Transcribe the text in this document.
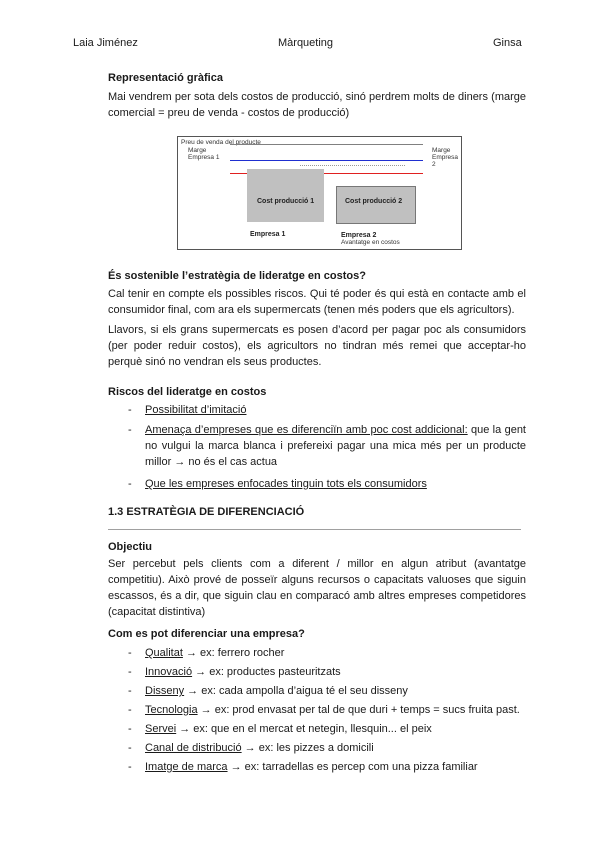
Laia Jiménez	Màrqueting	Ginsa
Representació gràfica
Mai vendrem per sota dels costos de producció, sinó perdrem molts de diners (marge comercial = preu de venda - costos de producció)
Preu de venda del producte
Marge
Empresa 1
Marge
Empresa
2
Cost producció 1	Cost producció 2
Empresa 1	Empresa 2
Avantatge en costos
És sostenible l’estratègia de lideratge en costos?
Cal tenir en compte els possibles riscos. Qui té poder és qui està en contacte amb el consumidor final, com ara els supermercats (tenen més poders que els agricultors).
Llavors, si els grans supermercats es posen d’acord per pagar poc als consumidors (per poder reduir costos), els agricultors no tindran més remei que acceptar-ho perquè sinó no vendran els seus productes.
Riscos del lideratge en costos
- Possibilitat d’imitació
- Amenaça d’empreses que es diferenciïn amb poc cost addicional: que la gent no vulgui la marca blanca i prefereixi pagar una mica més per un producte millor → no és el cas actua
- Que les empreses enfocades tinguin tots els consumidors
1.3 ESTRATÈGIA DE DIFERENCIACIÓ
Objectiu
Ser percebut pels clients com a diferent / millor en algun atribut (avantatge competitiu). Això prové de posseïr alguns recursos o capacitats valuoses que siguin escassos, és a dir, que siguin clau en comparacó amb altres empreses competidores (capacitat distintiva)
Com es pot diferenciar una empresa?
- Qualitat → ex: ferrero rocher
- Innovació → ex: productes pasteuritzats
- Disseny → ex: cada ampolla d’aigua té el seu disseny
- Tecnologia → ex: prod envasat per tal de que duri + temps = sucs fruita past.
- Servei → ex: que en el mercat et netegin, llesquin... el peix
- Canal de distribució → ex: les pizzes a domicili
- Imatge de marca → ex: tarradellas es percep com una pizza familiar
